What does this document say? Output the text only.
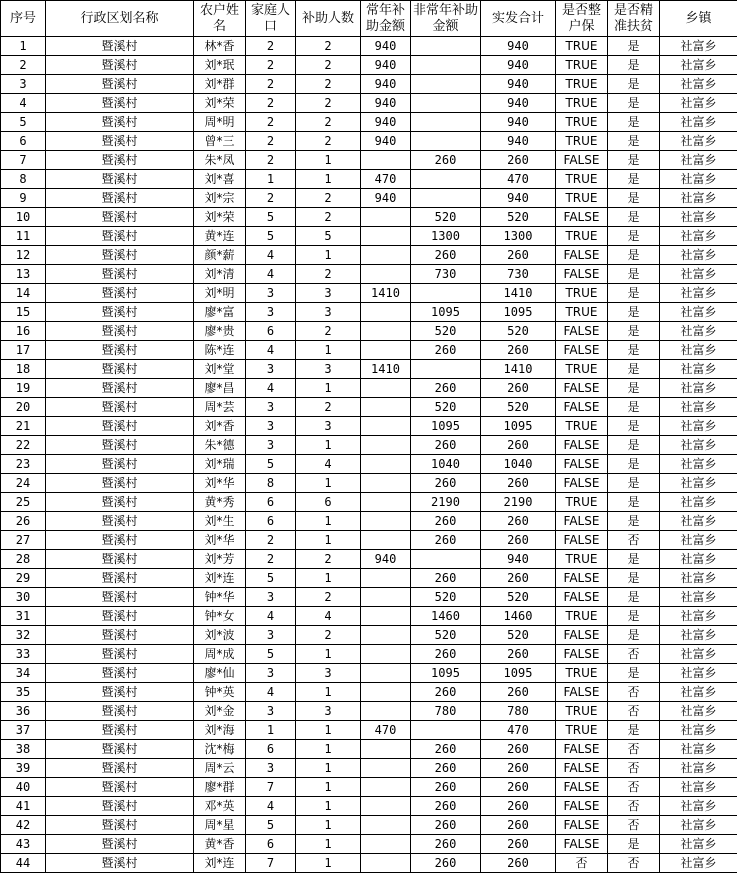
序号	行政区划名称	农户姓名	家庭人口	补助人数	常年补助金额	非常年补助金额	实发合计	是否整户保	是否精准扶贫	乡镇
1	暨溪村	林*香	2	2	940		940	TRUE	是	社富乡
2	暨溪村	刘*珉	2	2	940		940	TRUE	是	社富乡
3	暨溪村	刘*群	2	2	940		940	TRUE	是	社富乡
4	暨溪村	刘*荣	2	2	940		940	TRUE	是	社富乡
5	暨溪村	周*明	2	2	940		940	TRUE	是	社富乡
6	暨溪村	曾*三	2	2	940		940	TRUE	是	社富乡
7	暨溪村	朱*凤	2	1		260	260	FALSE	是	社富乡
8	暨溪村	刘*喜	1	1	470		470	TRUE	是	社富乡
9	暨溪村	刘*宗	2	2	940		940	TRUE	是	社富乡
10	暨溪村	刘*荣	5	2		520	520	FALSE	是	社富乡
11	暨溪村	黄*连	5	5		1300	1300	TRUE	是	社富乡
12	暨溪村	颜*薪	4	1		260	260	FALSE	是	社富乡
13	暨溪村	刘*清	4	2		730	730	FALSE	是	社富乡
14	暨溪村	刘*明	3	3	1410		1410	TRUE	是	社富乡
15	暨溪村	廖*富	3	3		1095	1095	TRUE	是	社富乡
16	暨溪村	廖*贵	6	2		520	520	FALSE	是	社富乡
17	暨溪村	陈*连	4	1		260	260	FALSE	是	社富乡
18	暨溪村	刘*堂	3	3	1410		1410	TRUE	是	社富乡
19	暨溪村	廖*昌	4	1		260	260	FALSE	是	社富乡
20	暨溪村	周*芸	3	2		520	520	FALSE	是	社富乡
21	暨溪村	刘*香	3	3		1095	1095	TRUE	是	社富乡
22	暨溪村	朱*德	3	1		260	260	FALSE	是	社富乡
23	暨溪村	刘*瑞	5	4		1040	1040	FALSE	是	社富乡
24	暨溪村	刘*华	8	1		260	260	FALSE	是	社富乡
25	暨溪村	黄*秀	6	6		2190	2190	TRUE	是	社富乡
26	暨溪村	刘*生	6	1		260	260	FALSE	是	社富乡
27	暨溪村	刘*华	2	1		260	260	FALSE	否	社富乡
28	暨溪村	刘*芳	2	2	940		940	TRUE	是	社富乡
29	暨溪村	刘*连	5	1		260	260	FALSE	是	社富乡
30	暨溪村	钟*华	3	2		520	520	FALSE	是	社富乡
31	暨溪村	钟*女	4	4		1460	1460	TRUE	是	社富乡
32	暨溪村	刘*波	3	2		520	520	FALSE	是	社富乡
33	暨溪村	周*成	5	1		260	260	FALSE	否	社富乡
34	暨溪村	廖*仙	3	3		1095	1095	TRUE	是	社富乡
35	暨溪村	钟*英	4	1		260	260	FALSE	否	社富乡
36	暨溪村	刘*金	3	3		780	780	TRUE	否	社富乡
37	暨溪村	刘*海	1	1	470		470	TRUE	是	社富乡
38	暨溪村	沈*梅	6	1		260	260	FALSE	否	社富乡
39	暨溪村	周*云	3	1		260	260	FALSE	否	社富乡
40	暨溪村	廖*群	7	1		260	260	FALSE	否	社富乡
41	暨溪村	邓*英	4	1		260	260	FALSE	否	社富乡
42	暨溪村	周*星	5	1		260	260	FALSE	否	社富乡
43	暨溪村	黄*香	6	1		260	260	FALSE	是	社富乡
44	暨溪村	刘*连	7	1		260	260	否	否	社富乡
